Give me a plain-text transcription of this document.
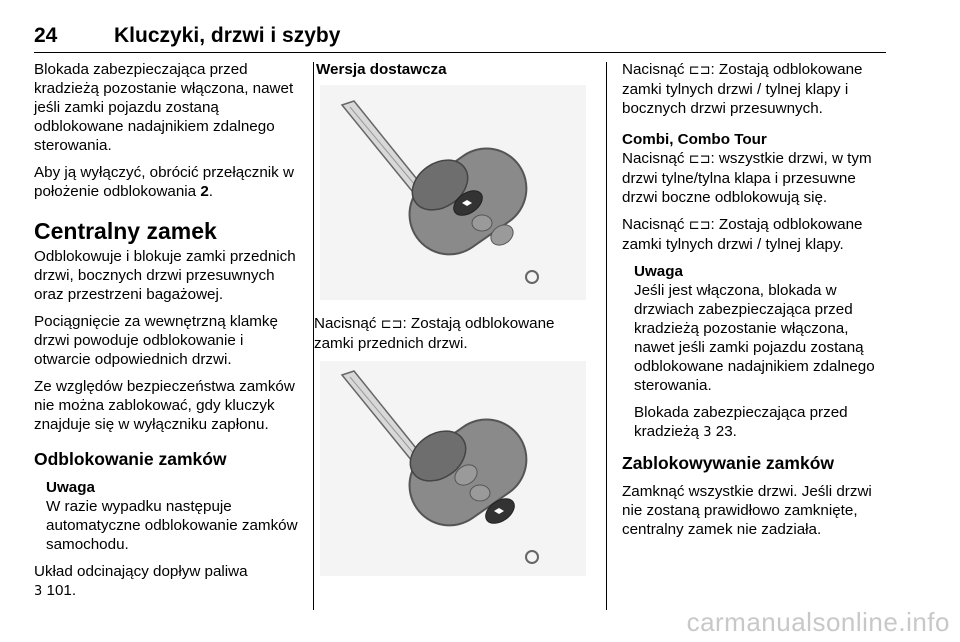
24	Kluczyki, drzwi i szyby

Blokada zabezpieczająca przed kradzieżą pozostanie włączona, nawet jeśli zamki pojazdu zostaną odblokowane nadajnikiem zdalnego sterowania.

Aby ją wyłączyć, obrócić przełącznik w położenie odblokowania 2.

Centralny zamek

Odblokowuje i blokuje zamki przednich drzwi, bocznych drzwi przesuwnych oraz przestrzeni bagażowej.

Pociągnięcie za wewnętrzną klamkę drzwi powoduje odblokowanie i otwarcie odpowiednich drzwi.

Ze względów bezpieczeństwa zamków nie można zablokować, gdy kluczyk znajduje się w wyłączniku zapłonu.

Odblokowanie zamków
Uwaga

W razie wypadku następuje automatyczne odblokowanie zamków samochodu.

Układ odcinający dopływ paliwa
3 101.

Wersja dostawcza

Nacisnąć ⊏⊐: Zostają odblokowane zamki przednich drzwi.

Nacisnąć ⊏⊐: Zostają odblokowane zamki tylnych drzwi / tylnej klapy i bocznych drzwi przesuwnych.

Combi, Combo Tour

Nacisnąć ⊏⊐: wszystkie drzwi, w tym drzwi tylne/tylna klapa i przesuwne drzwi boczne odblokowują się.

Nacisnąć ⊏⊐: Zostają odblokowane zamki tylnych drzwi / tylnej klapy.

Uwaga

Jeśli jest włączona, blokada w drzwiach zabezpieczająca przed kradzieżą pozostanie włączona, nawet jeśli zamki pojazdu zostaną odblokowane nadajnikiem zdalnego sterowania.

Blokada zabezpieczająca przed kradzieżą 3 23.

Zablokowywanie zamków

Zamknąć wszystkie drzwi. Jeśli drzwi nie zostaną prawidłowo zamknięte, centralny zamek nie zadziała.

carmanualsonline.info
